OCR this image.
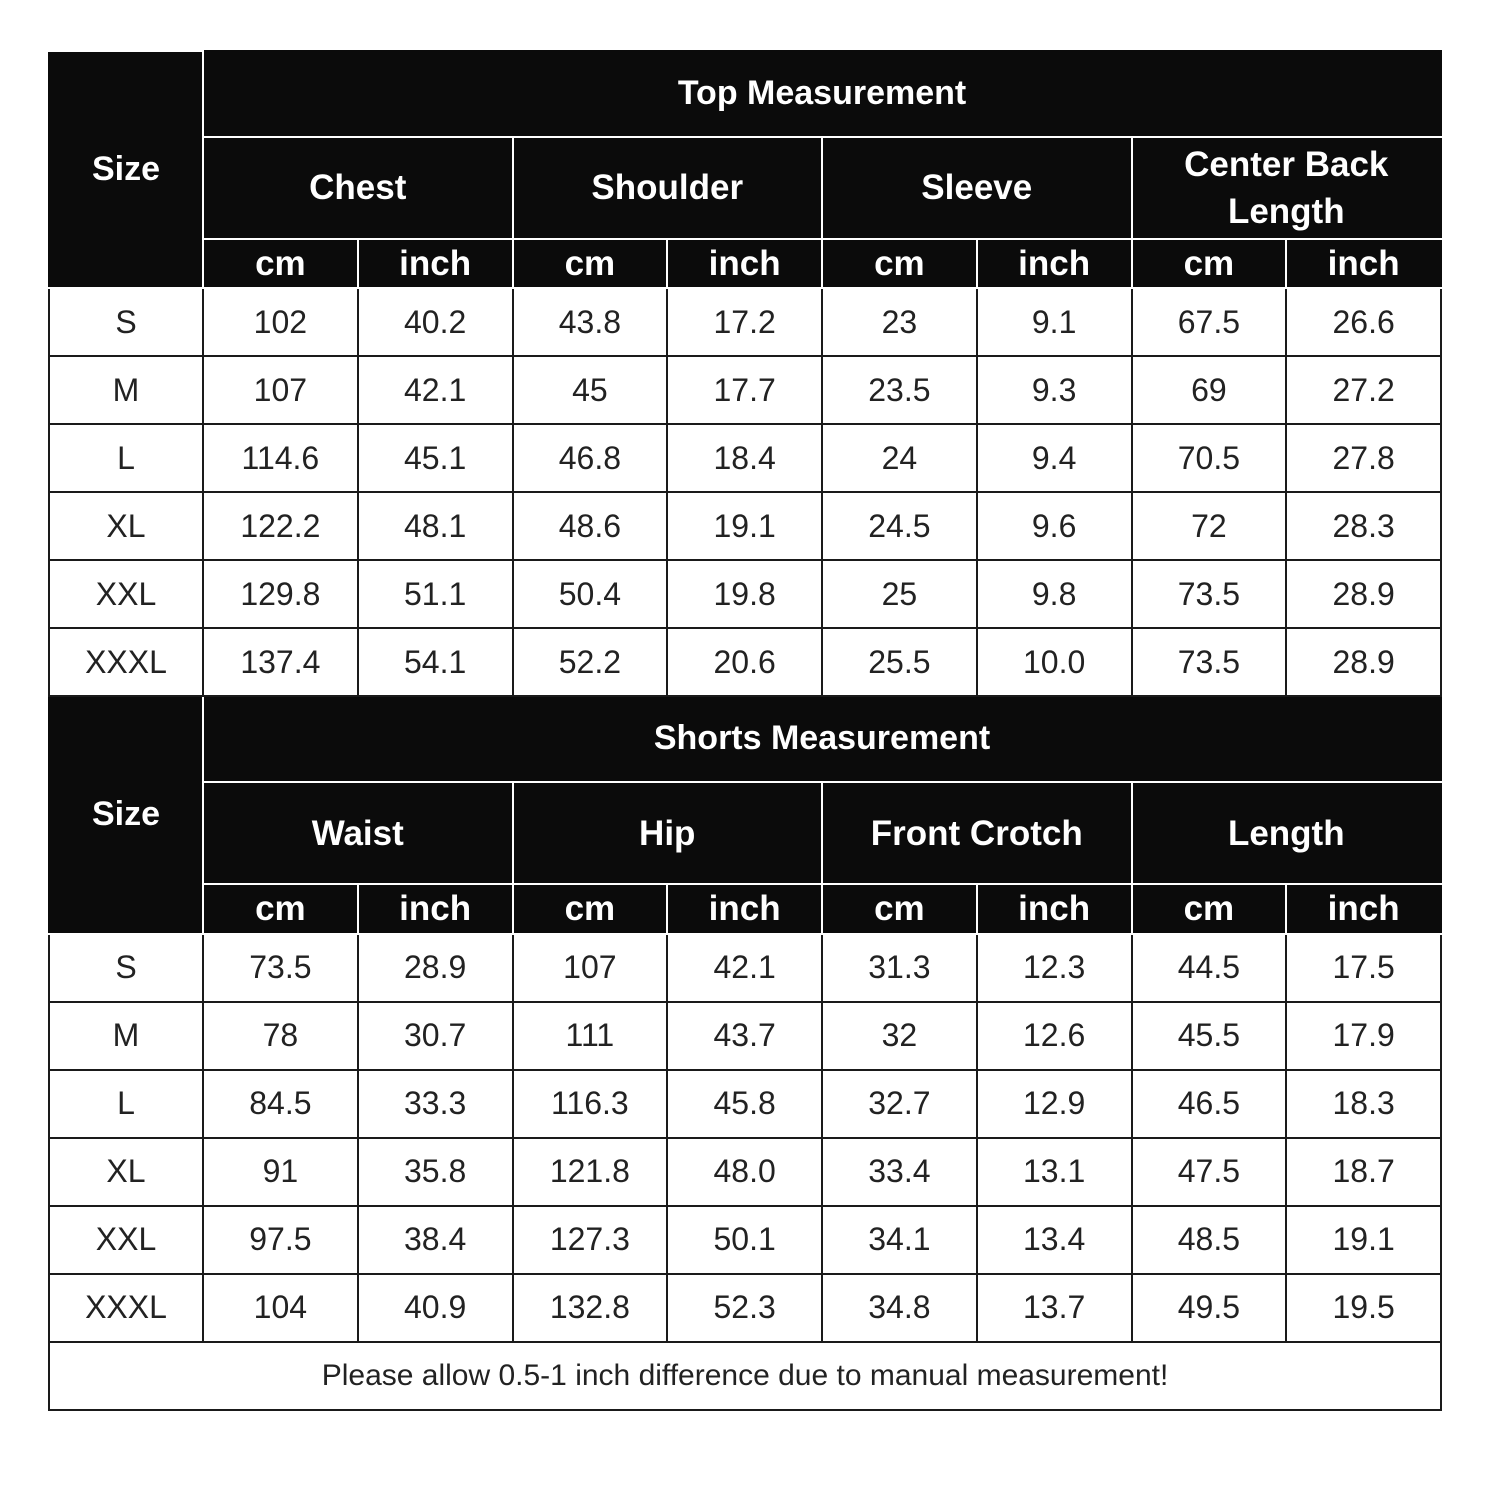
Size	Top Measurement							
	Chest		Shoulder		Sleeve		Center Back Length	
	cm	inch	cm	inch	cm	inch	cm	inch
S	102	40.2	43.8	17.2	23	9.1	67.5	26.6
M	107	42.1	45	17.7	23.5	9.3	69	27.2
L	114.6	45.1	46.8	18.4	24	9.4	70.5	27.8
XL	122.2	48.1	48.6	19.1	24.5	9.6	72	28.3
XXL	129.8	51.1	50.4	19.8	25	9.8	73.5	28.9
XXXL	137.4	54.1	52.2	20.6	25.5	10.0	73.5	28.9
Size	Shorts Measurement							
	Waist		Hip		Front Crotch		Length	
	cm	inch	cm	inch	cm	inch	cm	inch
S	73.5	28.9	107	42.1	31.3	12.3	44.5	17.5
M	78	30.7	111	43.7	32	12.6	45.5	17.9
L	84.5	33.3	116.3	45.8	32.7	12.9	46.5	18.3
XL	91	35.8	121.8	48.0	33.4	13.1	47.5	18.7
XXL	97.5	38.4	127.3	50.1	34.1	13.4	48.5	19.1
XXXL	104	40.9	132.8	52.3	34.8	13.7	49.5	19.5
Please allow 0.5-1 inch difference due to manual measurement!								
